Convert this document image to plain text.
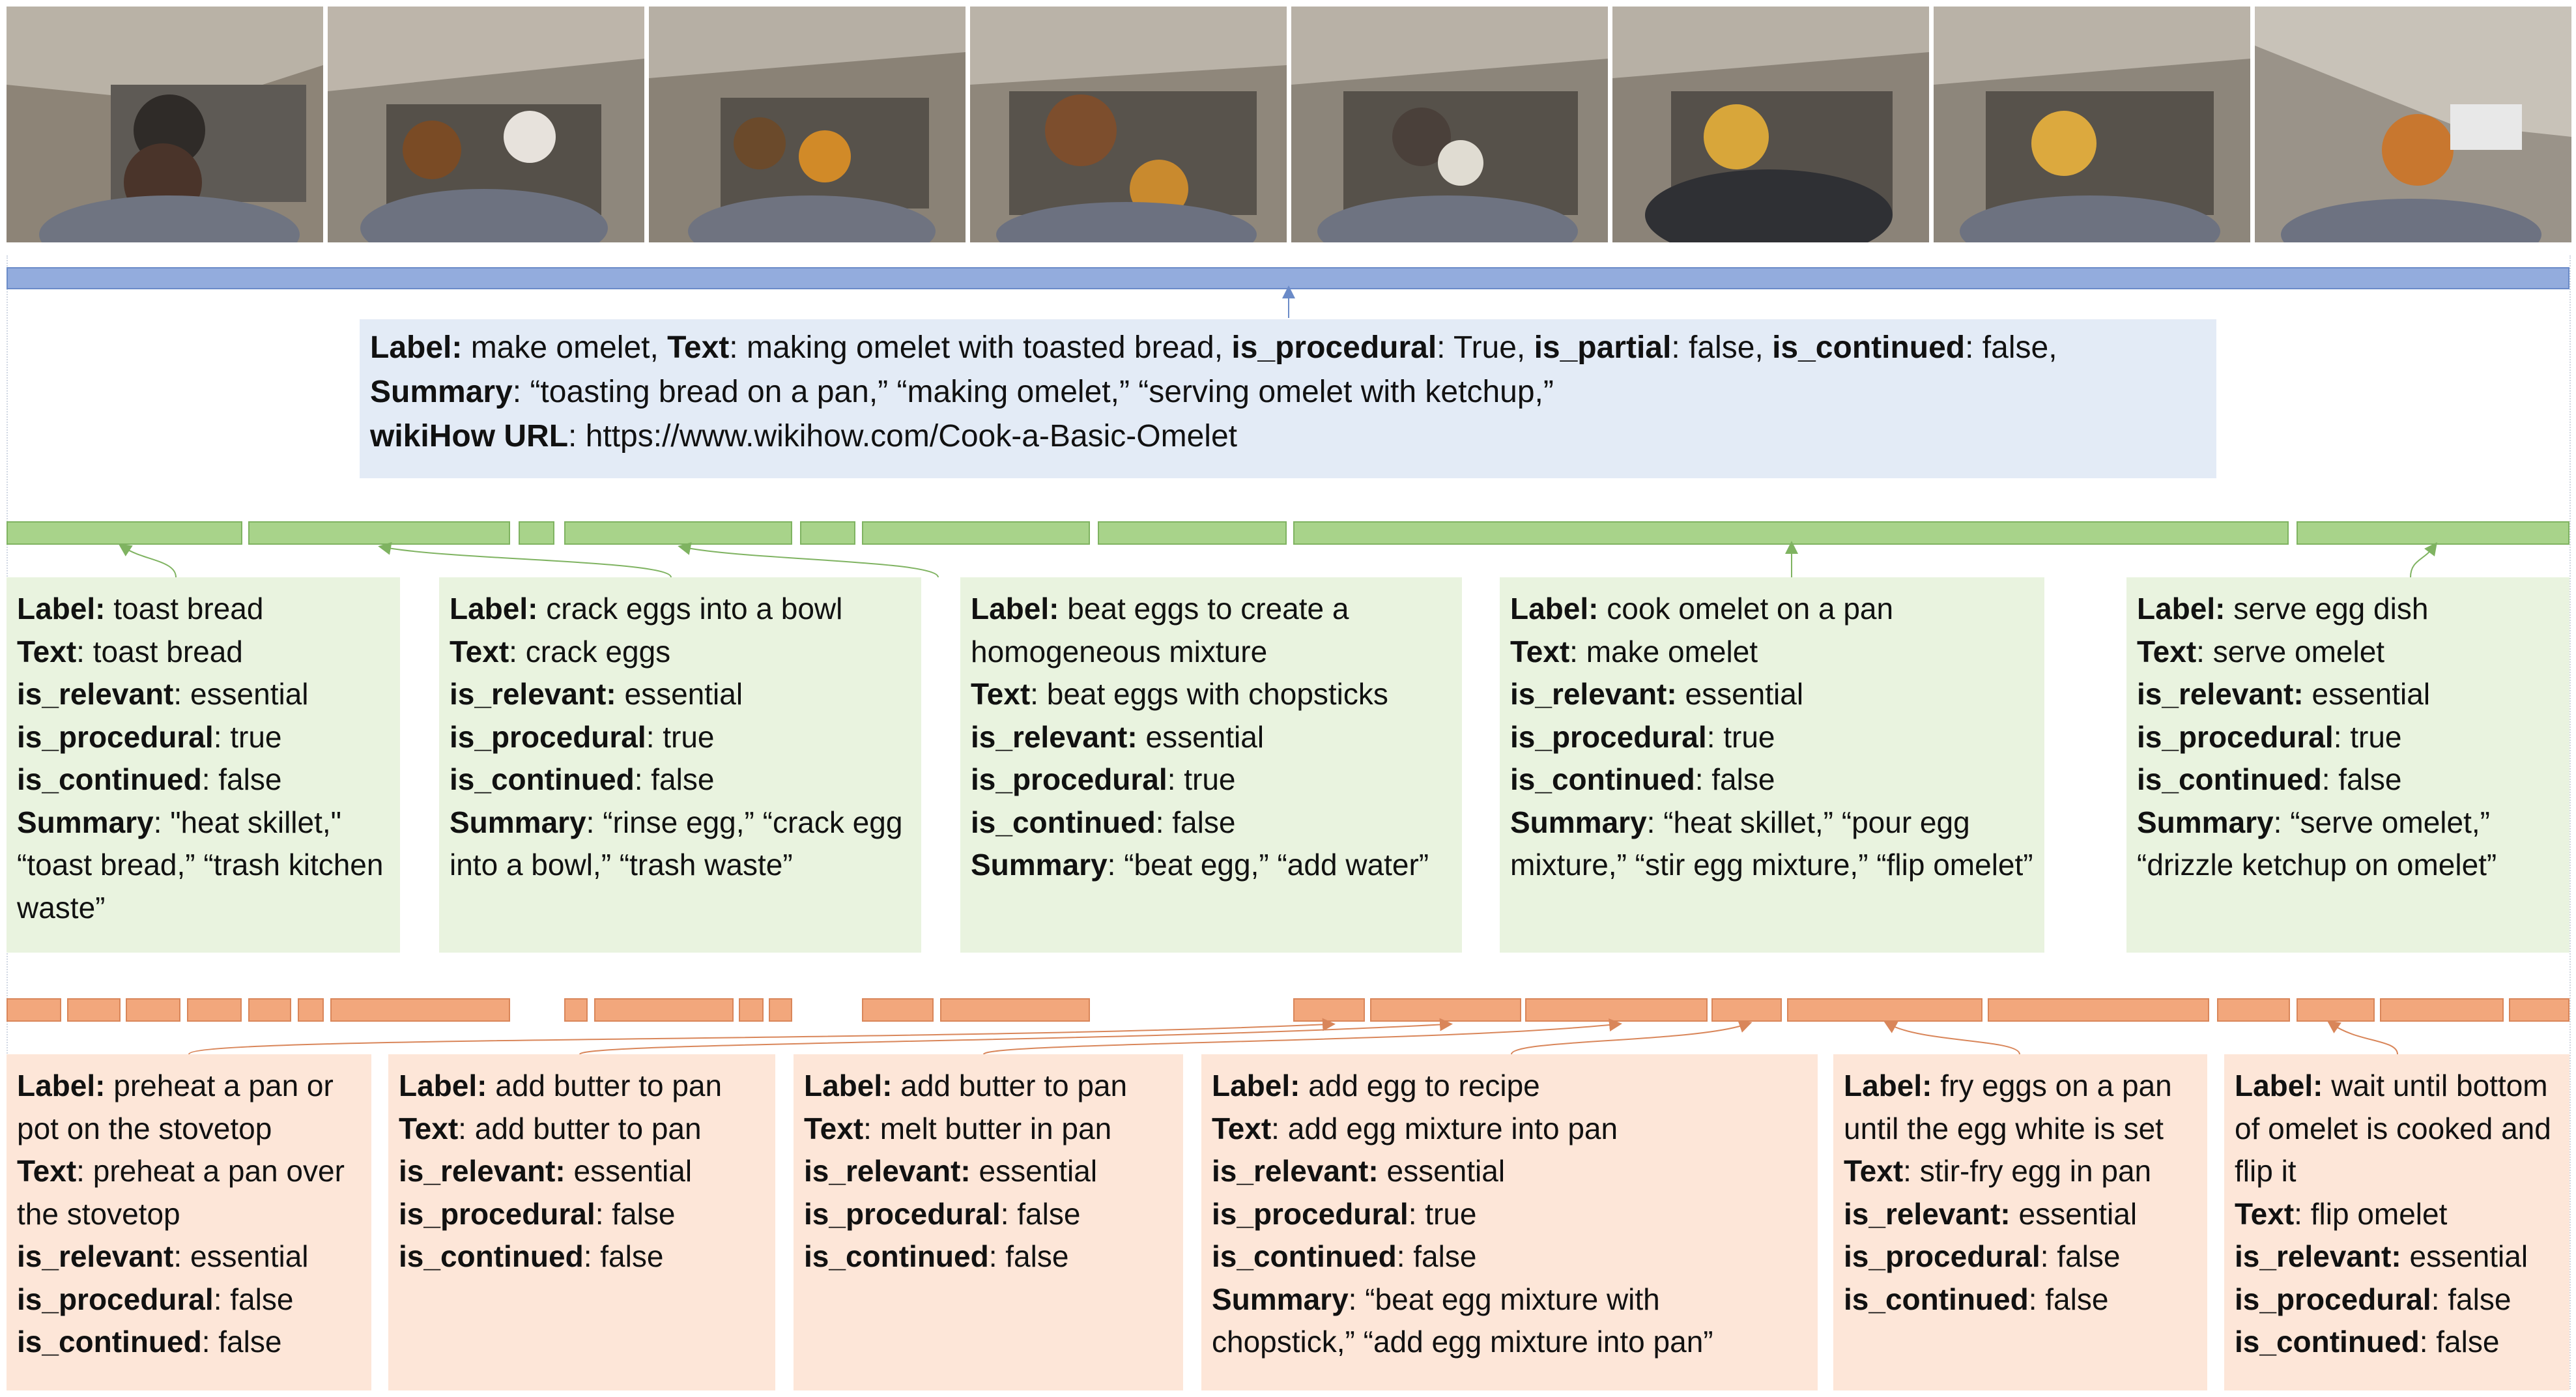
Label: make omelet, Text: making omelet with toasted bread, is_procedural: True, is_partial: false, is_continued: false,
Summary: “toasting bread on a pan,” “making omelet,” “serving omelet with ketchup,”
wikiHow URL: https://www.wikihow.com/Cook-a-Basic-Omelet
Label: toast bread
Text: toast bread
is_relevant: essential
is_procedural: true
is_continued: false
Summary: "heat skillet," “toast bread,” “trash kitchen waste”
Label: crack eggs into a bowl
Text: crack eggs
is_relevant: essential
is_procedural: true
is_continued: false
Summary: “rinse egg,” “crack egg into a bowl,” “trash waste”
Label: beat eggs to create a homogeneous mixture
Text: beat eggs with chopsticks
is_relevant: essential
is_procedural: true
is_continued: false
Summary: “beat egg,” “add water”
Label: cook omelet on a pan
Text: make omelet
is_relevant: essential
is_procedural: true
is_continued: false
Summary: “heat skillet,” “pour egg mixture,” “stir egg mixture,” “flip omelet”
Label: serve egg dish
Text: serve omelet
is_relevant: essential
is_procedural: true
is_continued: false
Summary: “serve omelet,” “drizzle ketchup on omelet”
Label: preheat a pan or pot on the stovetop
Text: preheat a pan over the stovetop
is_relevant: essential
is_procedural: false
is_continued: false
Label: add butter to pan
Text: add butter to pan
is_relevant: essential
is_procedural: false
is_continued: false
Label: add butter to pan
Text: melt butter in pan
is_relevant: essential
is_procedural: false
is_continued: false
Label: add egg to recipe
Text: add egg mixture into pan
is_relevant: essential
is_procedural: true
is_continued: false
Summary: “beat egg mixture with chopstick,” “add egg mixture into pan”
Label: fry eggs on a pan until the egg white is set
Text: stir-fry egg in pan
is_relevant: essential
is_procedural: false
is_continued: false
Label: wait until bottom of omelet is cooked and flip it
Text: flip omelet
is_relevant: essential
is_procedural: false
is_continued: false
